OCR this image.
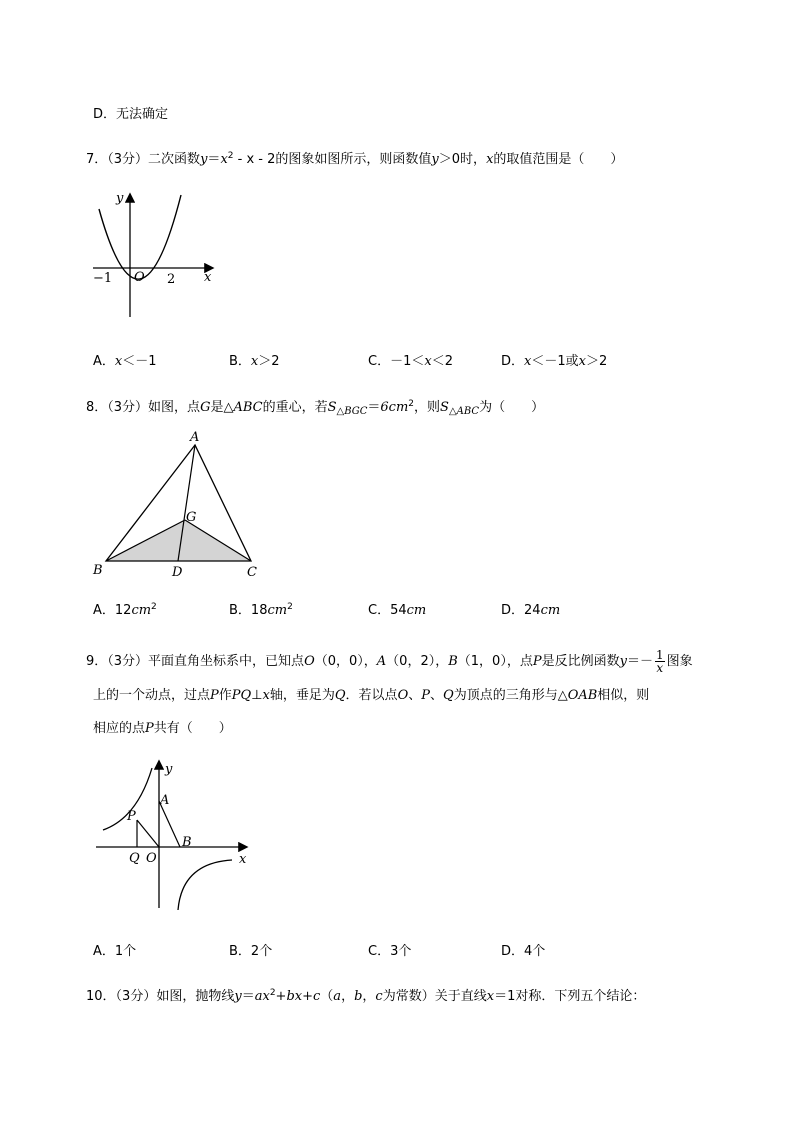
D．无法确定
7．（3分）二次函数$y=x^2 - x - 2$的图象如图所示，则函数值y＞0时，x的取值范围是（　　）
y
x
O
−1	2
A．x＜－1	B．x＞2	C．－1＜x＜2	D．x＜－1或x＞2
8．（3分）如图，点G是△ABC的重心，若$S_{\triangle BGC}=6cm^2$，则$S_{\triangle ABC}$为（　　）
A
B	C
D
G
A．$12cm^2$	B．$18cm^2$	C．54cm	D．24cm
9．（3分）平面直角坐标系中，已知点O（0，0），A（0，2），B（1，0），点P是反比例函数$y=- \frac{1}{x}$ 图象
上的一个动点，过点P作PQ⊥x轴，垂足为Q．若以点O、P、Q为顶点的三角形与△OAB相似，则
相应的点P共有（　　）
y
x
A
B
P
Q O
A．1个	B．2个	C．3个	D．4个
10．（3分）如图，抛物线$y=ax^2+bx+c(a$，b，c为常数）关于直线x＝1对称．下列五个结论：
